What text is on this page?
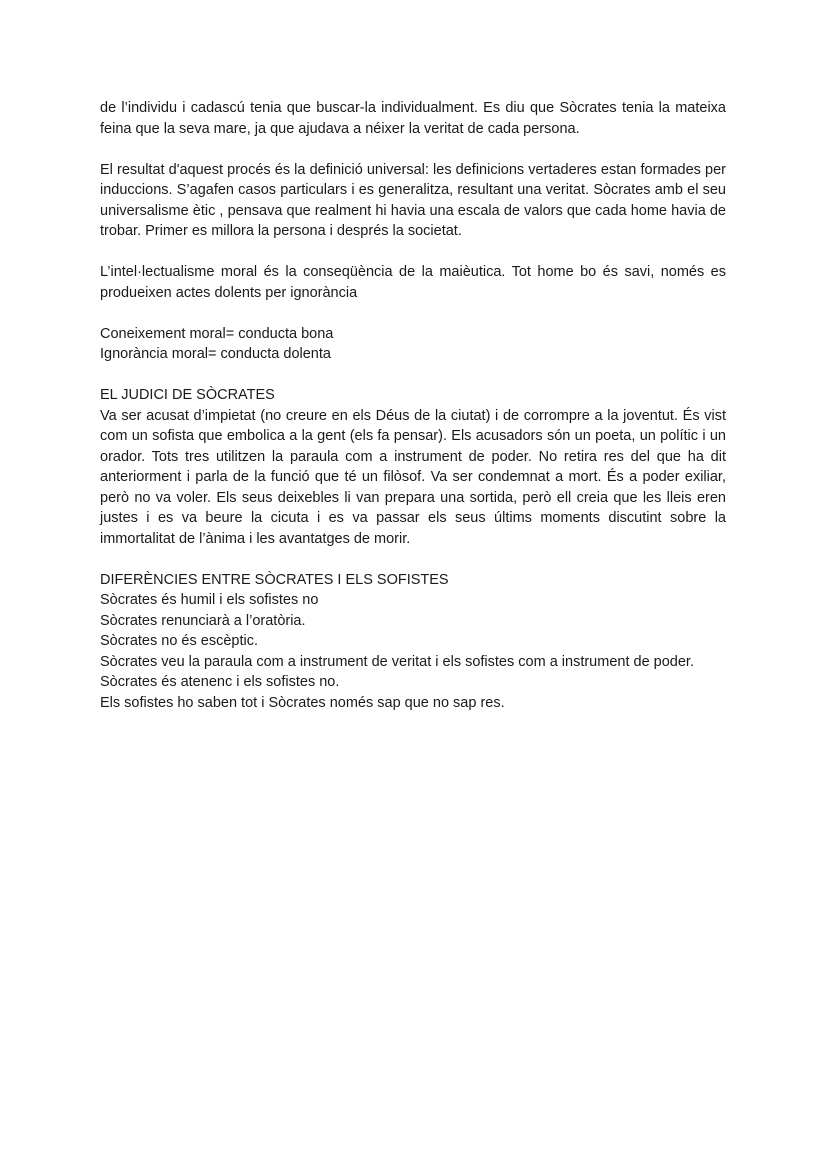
de l’individu i cadascú tenia que buscar-la individualment. Es diu que Sòcrates tenia la mateixa feina que la seva mare, ja que ajudava a néixer la veritat de cada persona.

El resultat d'aquest procés és la definició universal: les definicions vertaderes estan formades per induccions. S’agafen casos particulars i es generalitza, resultant una veritat. Sòcrates amb el seu universalisme ètic , pensava que realment hi havia una escala de valors que cada home havia de trobar. Primer es millora la persona i després la societat.

L’intel·lectualisme moral és la conseqüència de la maièutica. Tot home bo és savi, només es produeixen actes dolents per ignorància

Coneixement moral= conducta bona
Ignorància moral= conducta dolenta
EL JUDICI DE SÒCRATES

Va ser acusat d’impietat (no creure en els Déus de la ciutat) i de corrompre a la joventut. És vist com un sofista que embolica a la gent (els fa pensar). Els acusadors són un poeta, un polític i un orador. Tots tres utilitzen la paraula com a instrument de poder. No retira res del que ha dit anteriorment i parla de la funció que té un filòsof. Va ser condemnat a mort. És a poder exiliar, però no va voler. Els seus deixebles li van prepara una sortida, però ell creia que les lleis eren justes i es va beure la cicuta i es va passar els seus últims moments discutint sobre la immortalitat de l’ànima i les avantatges de morir.

DIFERÈNCIES ENTRE SÒCRATES I ELS SOFISTES
Sòcrates és humil i els sofistes no
Sòcrates renunciarà a l’oratòria.
Sòcrates no és escèptic.
Sòcrates veu la paraula com a instrument de veritat i els sofistes com a instrument de poder.
Sòcrates és atenenc i els sofistes no.
Els sofistes ho saben tot i Sòcrates només sap que no sap res.
